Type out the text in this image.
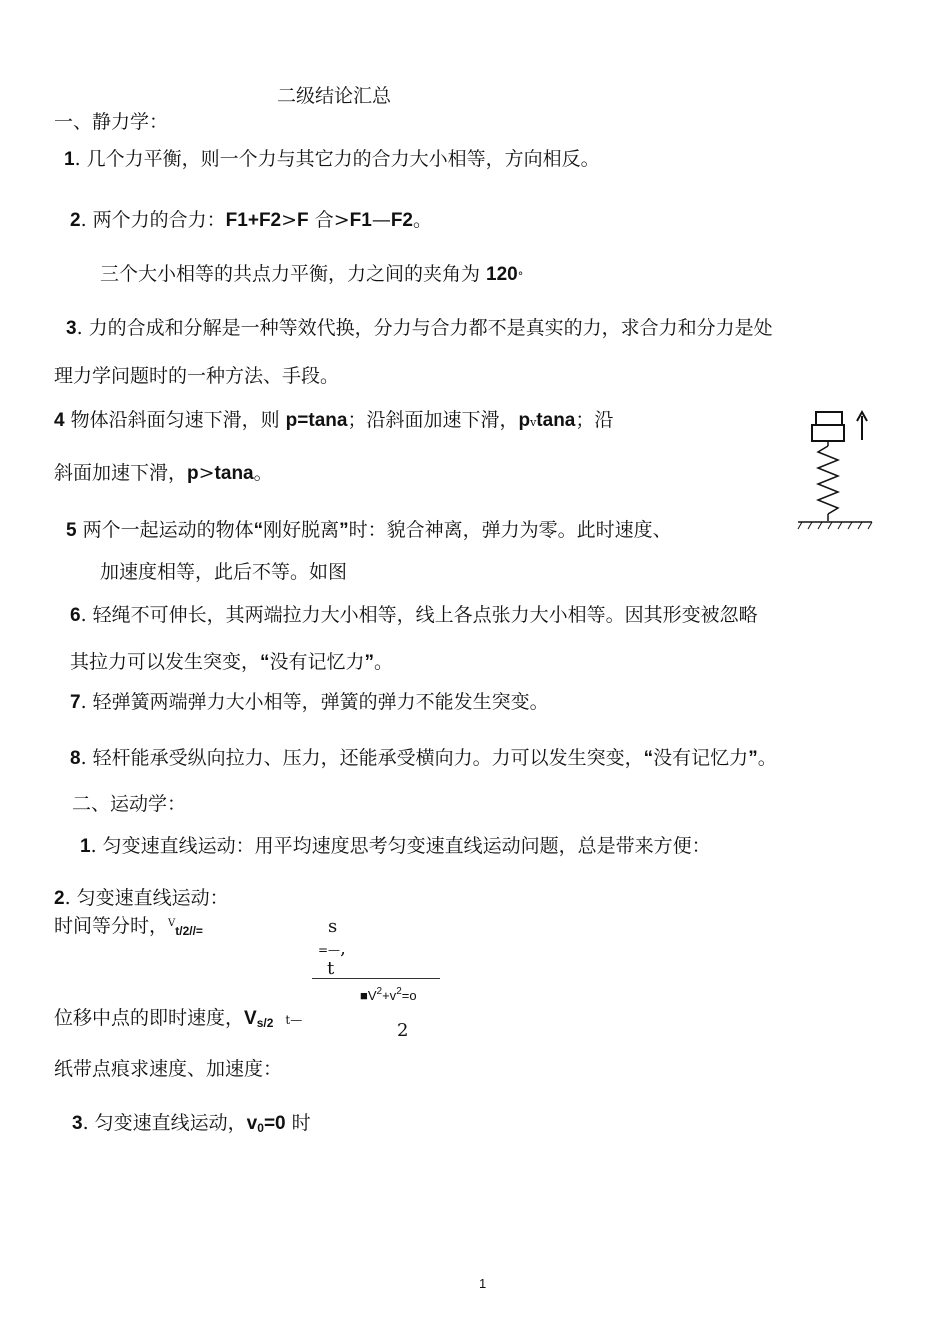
二级结论汇总
一、静力学：
1. 几个力平衡，则一个力与其它力的合力大小相等，方向相反。
2. 两个力的合力：F1+F2>F 合>F1—F2。
三个大小相等的共点力平衡，力之间的夹角为 120°
3. 力的合成和分解是一种等效代换，分力与合力都不是真实的力，求合力和分力是处
理力学问题时的一种方法、手段。
4 物体沿斜面匀速下滑，则 p=tana；沿斜面加速下滑，pvtana；沿
斜面加速下滑，p>tana。
5 两个一起运动的物体“刚好脱离”时：貌合神离，弹力为零。此时速度、
加速度相等，此后不等。如图
6. 轻绳不可伸长，其两端拉力大小相等，线上各点张力大小相等。因其形变被忽略
其拉力可以发生突变，“没有记忆力”。
7. 轻弹簧两端弹力大小相等，弹簧的弹力不能发生突变。
8. 轻杆能承受纵向拉力、压力，还能承受横向力。力可以发生突变，“没有记忆力”。
二、运动学：
1. 匀变速直线运动：用平均速度思考匀变速直线运动问题，总是带来方便：
2. 匀变速直线运动：
时间等分时，$^V_{t/2//=}$	s
=—,
t
$■V^2+v^2=o$
位移中点的即时速度，$V_{s/2}$ t—	2
纸带点痕求速度、加速度：
3. 匀变速直线运动，$v_0=0$ 时
1
